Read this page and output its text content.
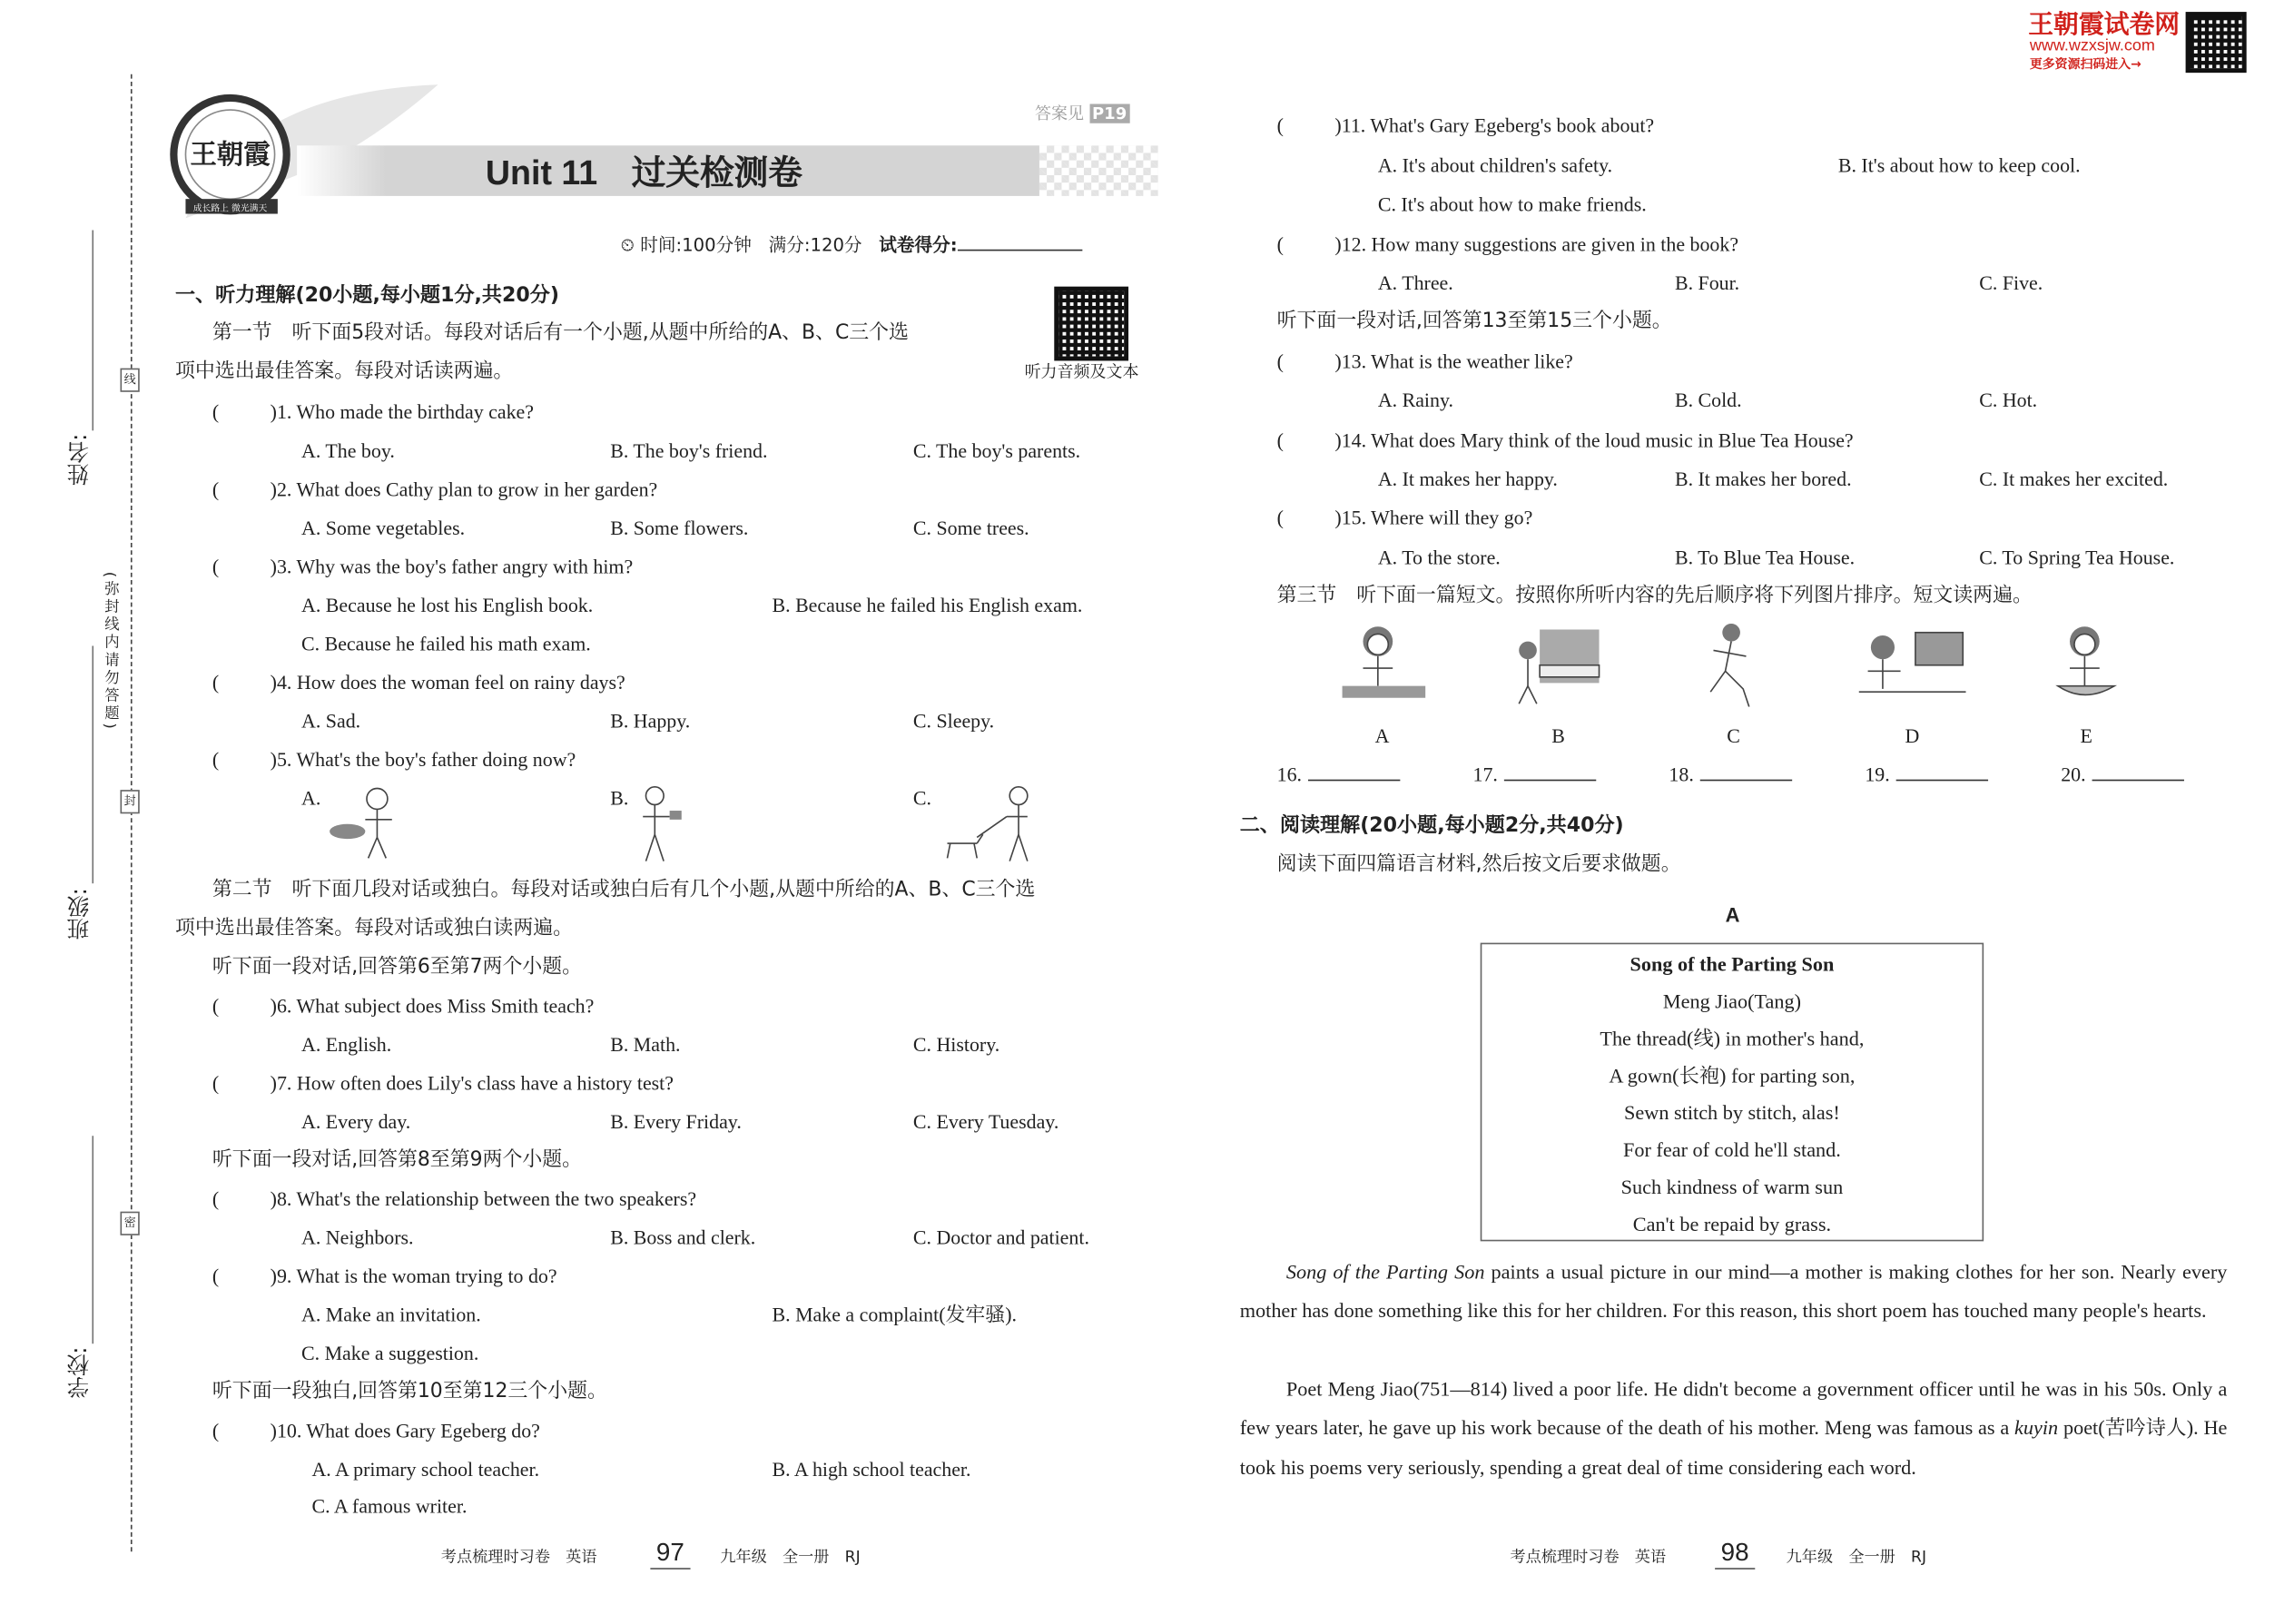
线
封
密
姓名:
班级:
学校:
(弥封线内请勿答题)
王朝霞
成长路上 微光满天
Unit 11　过关检测卷
答案见 P19
⏲ 时间:100分钟 满分:120分 试卷得分:
听力音频及文本
王朝霞试卷网
www.wzxsjw.com
更多资源扫码进入→
一、听力理解(20小题,每小题1分,共20分)
第一节　听下面5段对话。每段对话后有一个小题,从题中所给的A、B、C三个选
项中选出最佳答案。每段对话读两遍。
( )1. Who made the birthday cake?
A. The boy.	B. The boy's friend.	C. The boy's parents.
( )2. What does Cathy plan to grow in her garden?
A. Some vegetables.	B. Some flowers.	C. Some trees.
( )3. Why was the boy's father angry with him?
A. Because he lost his English book.	B. Because he failed his English exam.
C. Because he failed his math exam.
( )4. How does the woman feel on rainy days?
A. Sad.	B. Happy.	C. Sleepy.
( )5. What's the boy's father doing now?
A.	B.	C.
第二节　听下面几段对话或独白。每段对话或独白后有几个小题,从题中所给的A、B、C三个选
项中选出最佳答案。每段对话或独白读两遍。
听下面一段对话,回答第6至第7两个小题。
( )6. What subject does Miss Smith teach?
A. English.	B. Math.	C. History.
( )7. How often does Lily's class have a history test?
A. Every day.	B. Every Friday.	C. Every Tuesday.
听下面一段对话,回答第8至第9两个小题。
( )8. What's the relationship between the two speakers?
A. Neighbors.	B. Boss and clerk.	C. Doctor and patient.
( )9. What is the woman trying to do?
A. Make an invitation.	B. Make a complaint(发牢骚).
C. Make a suggestion.
听下面一段独白,回答第10至第12三个小题。
( )10. What does Gary Egeberg do?
A. A primary school teacher.	B. A high school teacher.
C. A famous writer.
考点梳理时习卷　英语	97	九年级　全一册　RJ
( )11. What's Gary Egeberg's book about?
A. It's about children's safety.	B. It's about how to keep cool.
C. It's about how to make friends.
( )12. How many suggestions are given in the book?
A. Three.	B. Four.	C. Five.
听下面一段对话,回答第13至第15三个小题。
( )13. What is the weather like?
A. Rainy.	B. Cold.	C. Hot.
( )14. What does Mary think of the loud music in Blue Tea House?
A. It makes her happy.	B. It makes her bored.	C. It makes her excited.
( )15. Where will they go?
A. To the store.	B. To Blue Tea House.	C. To Spring Tea House.
第三节　听下面一篇短文。按照你所听内容的先后顺序将下列图片排序。短文读两遍。
A	B	C	D	E
16.	17.	18.	19.	20.
二、阅读理解(20小题,每小题2分,共40分)
阅读下面四篇语言材料,然后按文后要求做题。
A
Song of the Parting Son
Meng Jiao(Tang)
The thread(线) in mother's hand,
A gown(长袍) for parting son,
Sewn stitch by stitch, alas!
For fear of cold he'll stand.
Such kindness of warm sun
Can't be repaid by grass.
Song of the Parting Son paints a usual picture in our mind—a mother is making clothes for her son. Nearly every mother has done something like this for her children. For this reason, this short poem has touched many people's hearts.
Poet Meng Jiao(751—814) lived a poor life. He didn't become a government officer until he was in his 50s. Only a few years later, he gave up his work because of the death of his mother. Meng was famous as a kuyin poet(苦吟诗人). He took his poems very seriously, spending a great deal of time considering each word.
考点梳理时习卷　英语	98	九年级　全一册　RJ
